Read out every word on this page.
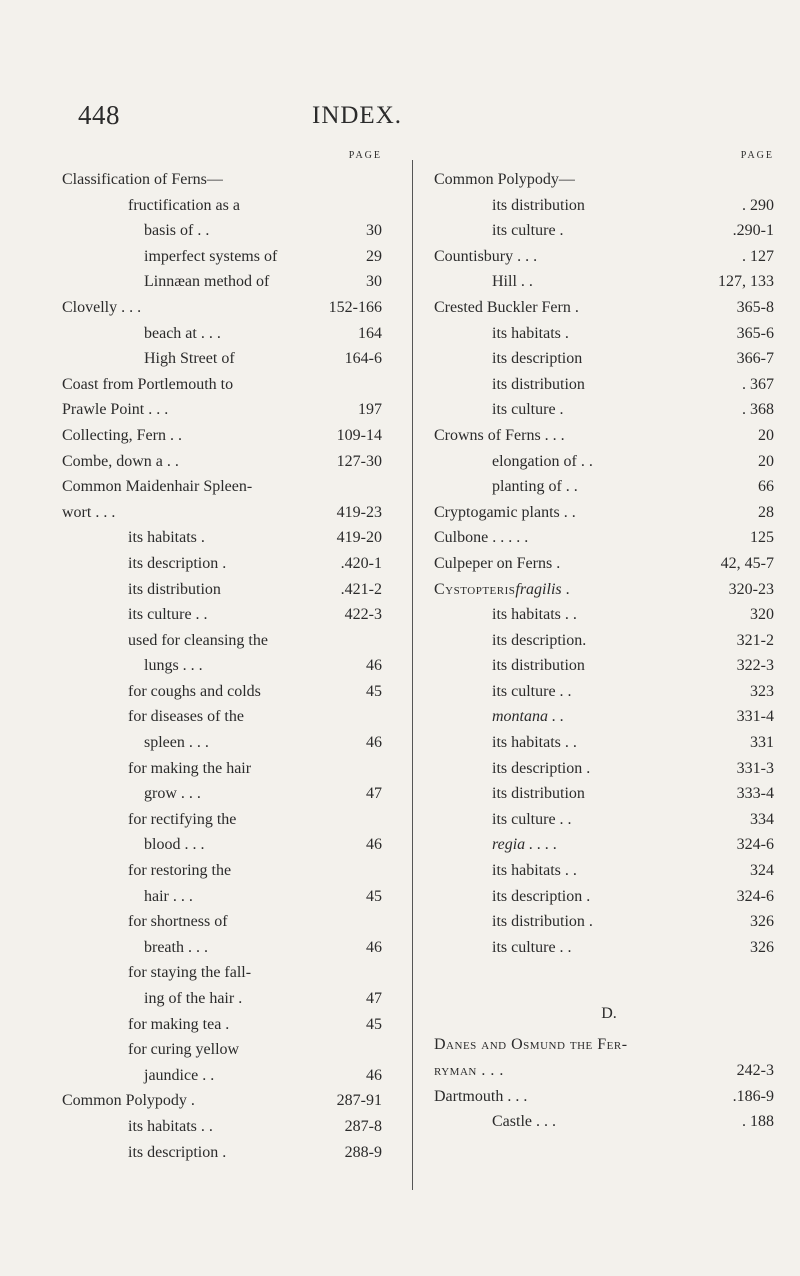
448	INDEX.
PAGE
Classification of Ferns—
fructification as a
basis of . .	30
imperfect systems of	29
Linnæan method of	30
Clovelly . . .	152-166
beach at . . .	164
High Street of	164-6
Coast from Portlemouth to
Prawle Point . . .	197
Collecting, Fern . .	109-14
Combe, down a . .	127-30
Common Maidenhair Spleen-
wort . . .	419-23
its habitats .	419-20
its description .	.420-1
its distribution	.421-2
its culture . .	422-3
used for cleansing the
lungs . . .	46
for coughs and colds	45
for diseases of the
spleen . . .	46
for making the hair
grow . . .	47
for rectifying the
blood . . .	46
for restoring the
hair . . .	45
for shortness of
breath . . .	46
for staying the fall-
ing of the hair .	47
for making tea .	45
for curing yellow
jaundice . .	46
Common Polypody .	287-91
its habitats . .	287-8
its description .	288-9
PAGE
Common Polypody—
its distribution	. 290
its culture .	.290-1
Countisbury . . .	. 127
Hill . .	127, 133
Crested Buckler Fern .	365-8
its habitats .	365-6
its description	366-7
its distribution	. 367
its culture .	. 368
Crowns of Ferns . . .	20
elongation of . .	20
planting of . .	66
Cryptogamic plants . .	28
Culbone . . . . .	125
Culpeper on Ferns .	42, 45-7
Cystopterisfragilis .	320-23
its habitats . .	320
its description.	321-2
its distribution	322-3
its culture . .	323
montana . .	331-4
its habitats . .	331
its description .	331-3
its distribution	333-4
its culture . .	334
regia . . . .	324-6
its habitats . .	324
its description .	324-6
its distribution .	326
its culture . .	326
D.
Danes and Osmund the Fer-
ryman . . .	242-3
Dartmouth . . .	.186-9
Castle . . .	. 188
